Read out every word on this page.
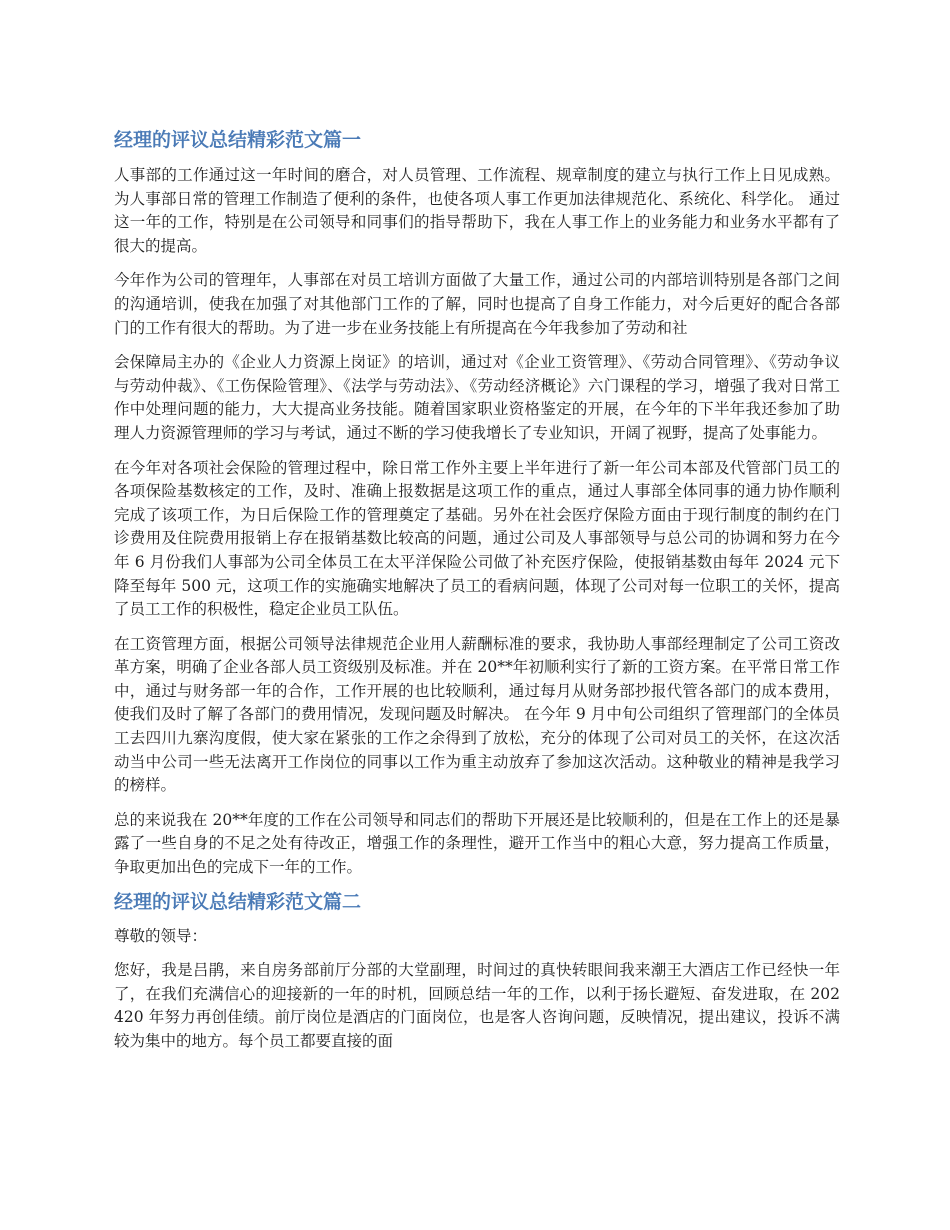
经理的评议总结精彩范文篇一

人事部的工作通过这一年时间的磨合，对人员管理、工作流程、规章制度的建立与执行工作上日见成熟。为人事部日常的管理工作制造了便利的条件，也使各项人事工作更加法律规范化、系统化、科学化。 通过这一年的工作，特别是在公司领导和同事们的指导帮助下，我在人事工作上的业务能力和业务水平都有了很大的提高。

今年作为公司的管理年，人事部在对员工培训方面做了大量工作，通过公司的内部培训特别是各部门之间的沟通培训，使我在加强了对其他部门工作的了解，同时也提高了自身工作能力，对今后更好的配合各部门的工作有很大的帮助。为了进一步在业务技能上有所提高在今年我参加了劳动和社

会保障局主办的《企业人力资源上岗证》的培训，通过对《企业工资管理》、《劳动合同管理》、《劳动争议与劳动仲裁》、《工伤保险管理》、《法学与劳动法》、《劳动经济概论》六门课程的学习，增强了我对日常工作中处理问题的能力，大大提高业务技能。随着国家职业资格鉴定的开展，在今年的下半年我还参加了助理人力资源管理师的学习与考试，通过不断的学习使我增长了专业知识，开阔了视野，提高了处事能力。

在今年对各项社会保险的管理过程中，除日常工作外主要上半年进行了新一年公司本部及代管部门员工的各项保险基数核定的工作，及时、准确上报数据是这项工作的重点，通过人事部全体同事的通力协作顺利完成了该项工作，为日后保险工作的管理奠定了基础。另外在社会医疗保险方面由于现行制度的制约在门诊费用及住院费用报销上存在报销基数比较高的问题，通过公司及人事部领导与总公司的协调和努力在今年 6 月份我们人事部为公司全体员工在太平洋保险公司做了补充医疗保险，使报销基数由每年 2024 元下降至每年 500 元，这项工作的实施确实地解决了员工的看病问题，体现了公司对每一位职工的关怀，提高了员工工作的积极性，稳定企业员工队伍。

在工资管理方面，根据公司领导法律规范企业用人薪酬标准的要求，我协助人事部经理制定了公司工资改革方案，明确了企业各部人员工资级别及标准。并在 20**年初顺利实行了新的工资方案。在平常日常工作中，通过与财务部一年的合作，工作开展的也比较顺利，通过每月从财务部抄报代管各部门的成本费用，使我们及时了解了各部门的费用情况，发现问题及时解决。 在今年 9 月中旬公司组织了管理部门的全体员工去四川九寨沟度假，使大家在紧张的工作之余得到了放松，充分的体现了公司对员工的关怀，在这次活动当中公司一些无法离开工作岗位的同事以工作为重主动放弃了参加这次活动。这种敬业的精神是我学习的榜样。

总的来说我在 20**年度的工作在公司领导和同志们的帮助下开展还是比较顺利的，但是在工作上的还是暴露了一些自身的不足之处有待改正，增强工作的条理性，避开工作当中的粗心大意，努力提高工作质量，争取更加出色的完成下一年的工作。

经理的评议总结精彩范文篇二

尊敬的领导：

您好，我是吕鹃，来自房务部前厅分部的大堂副理，时间过的真快转眼间我来潮王大酒店工作已经快一年了，在我们充满信心的迎接新的一年的时机，回顾总结一年的工作，以利于扬长避短、奋发进取，在 202420 年努力再创佳绩。前厅岗位是酒店的门面岗位，也是客人咨询问题，反映情况，提出建议，投诉不满较为集中的地方。每个员工都要直接的面
